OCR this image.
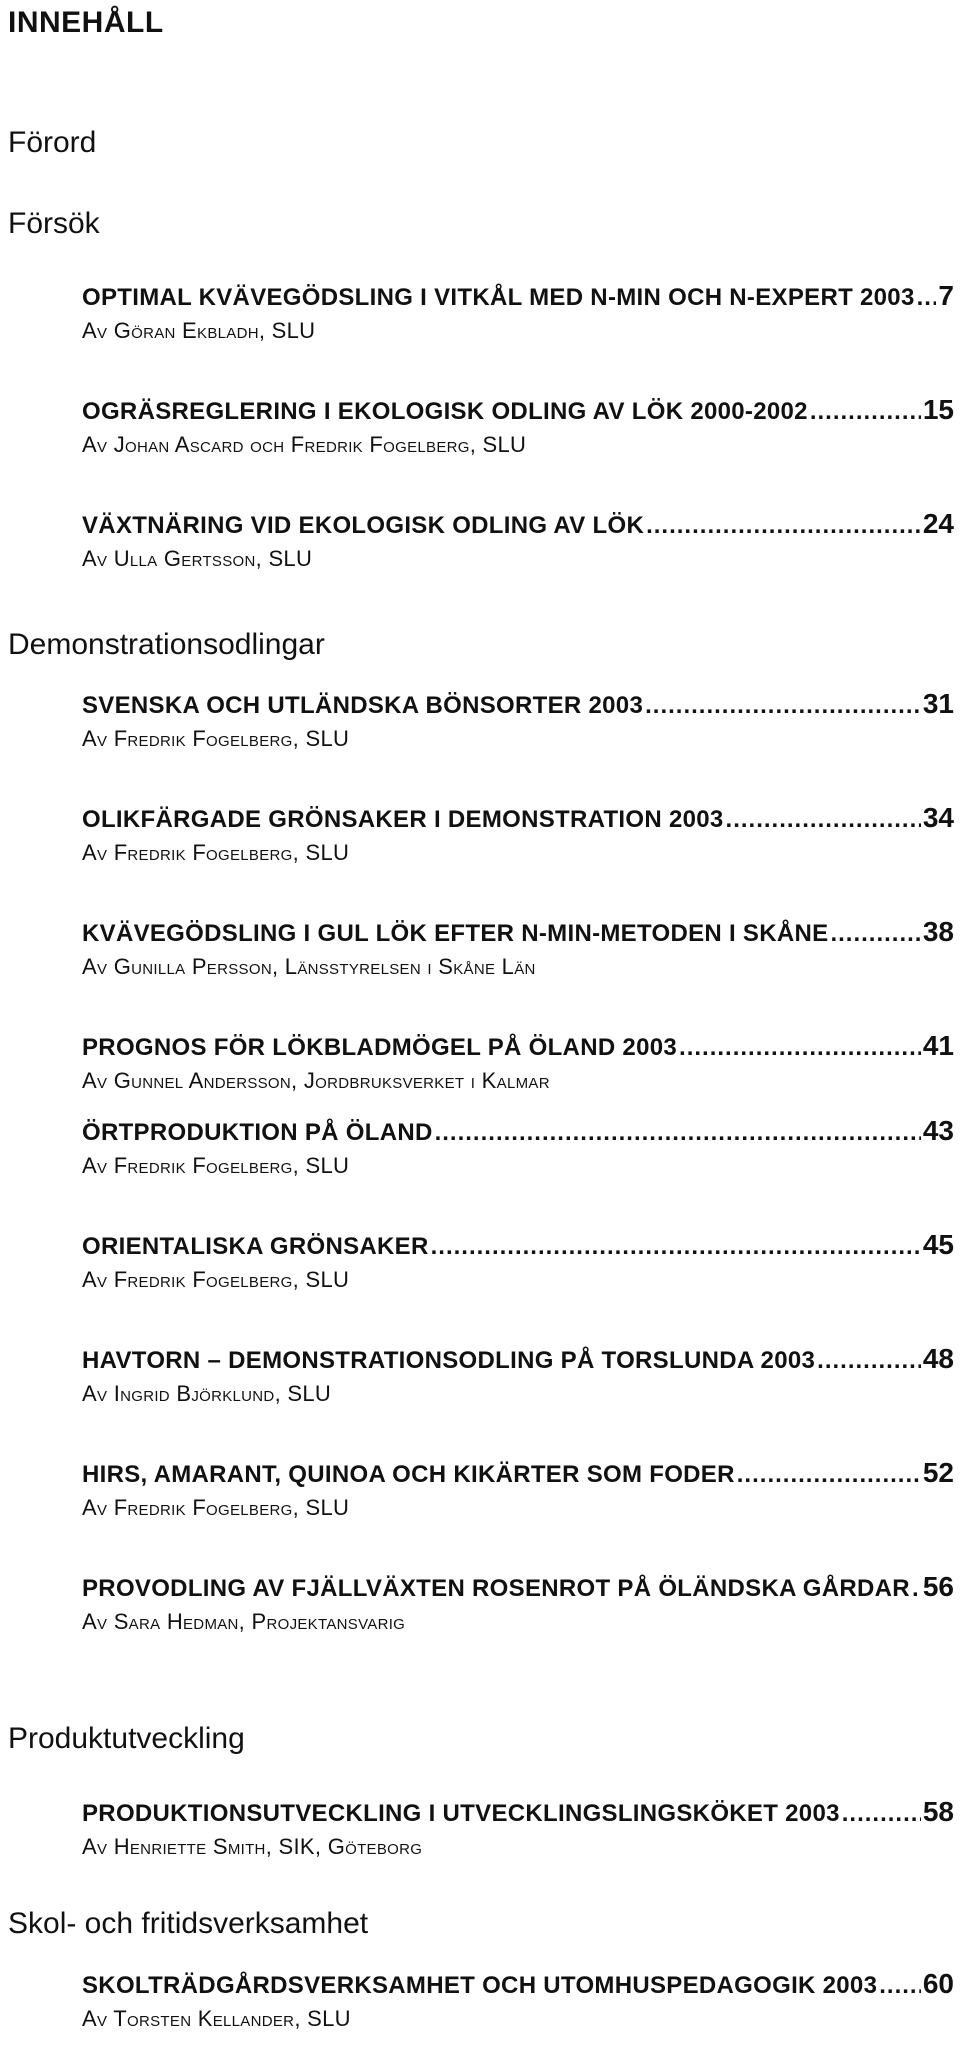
INNEHÅLL
Förord
Försök
Demonstrationsodlingar
Produktutveckling
Skol- och fritidsverksamhet
OPTIMAL KVÄVEGÖDSLING I VITKÅL MED N-MIN OCH N-EXPERT 2003 ..... 7
Av Göran Ekbladh, SLU
OGRÄSREGLERING I EKOLOGISK ODLING AV LÖK 2000-2002 .....	15
Av Johan Ascard och Fredrik Fogelberg, SLU
VÄXTNÄRING VID EKOLOGISK ODLING AV LÖK .....	24
Av Ulla Gertsson, SLU
SVENSKA OCH UTLÄNDSKA BÖNSORTER 2003 .....	31
Av Fredrik Fogelberg, SLU
OLIKFÄRGADE GRÖNSAKER I DEMONSTRATION 2003 .....	34
Av Fredrik Fogelberg, SLU
KVÄVEGÖDSLING I GUL LÖK EFTER N-MIN-METODEN I SKÅNE .....	38
Av Gunilla Persson, Länsstyrelsen i Skåne Län
PROGNOS FÖR LÖKBLADMÖGEL PÅ ÖLAND 2003 .....	41
Av Gunnel Andersson, Jordbruksverket i Kalmar
ÖRTPRODUKTION PÅ ÖLAND .....	43
Av Fredrik Fogelberg, SLU
ORIENTALISKA GRÖNSAKER .....	45
Av Fredrik Fogelberg, SLU
HAVTORN – DEMONSTRATIONSODLING PÅ TORSLUNDA 2003 .....	48
Av Ingrid Björklund, SLU
HIRS, AMARANT, QUINOA OCH KIKÄRTER SOM FODER .....	52
Av Fredrik Fogelberg, SLU
PROVODLING AV FJÄLLVÄXTEN ROSENROT PÅ ÖLÄNDSKA GÅRDAR ..... 56
Av Sara Hedman, Projektansvarig
PRODUKTIONSUTVECKLING I UTVECKLINGSLINGSKÖKET 2003 .....	58
Av Henriette Smith, SIK, Göteborg
SKOLTRÄDGÅRDSVERKSAMHET OCH UTOMHUSPEDAGOGIK 2003 ..... 60
Av Torsten Kellander, SLU
